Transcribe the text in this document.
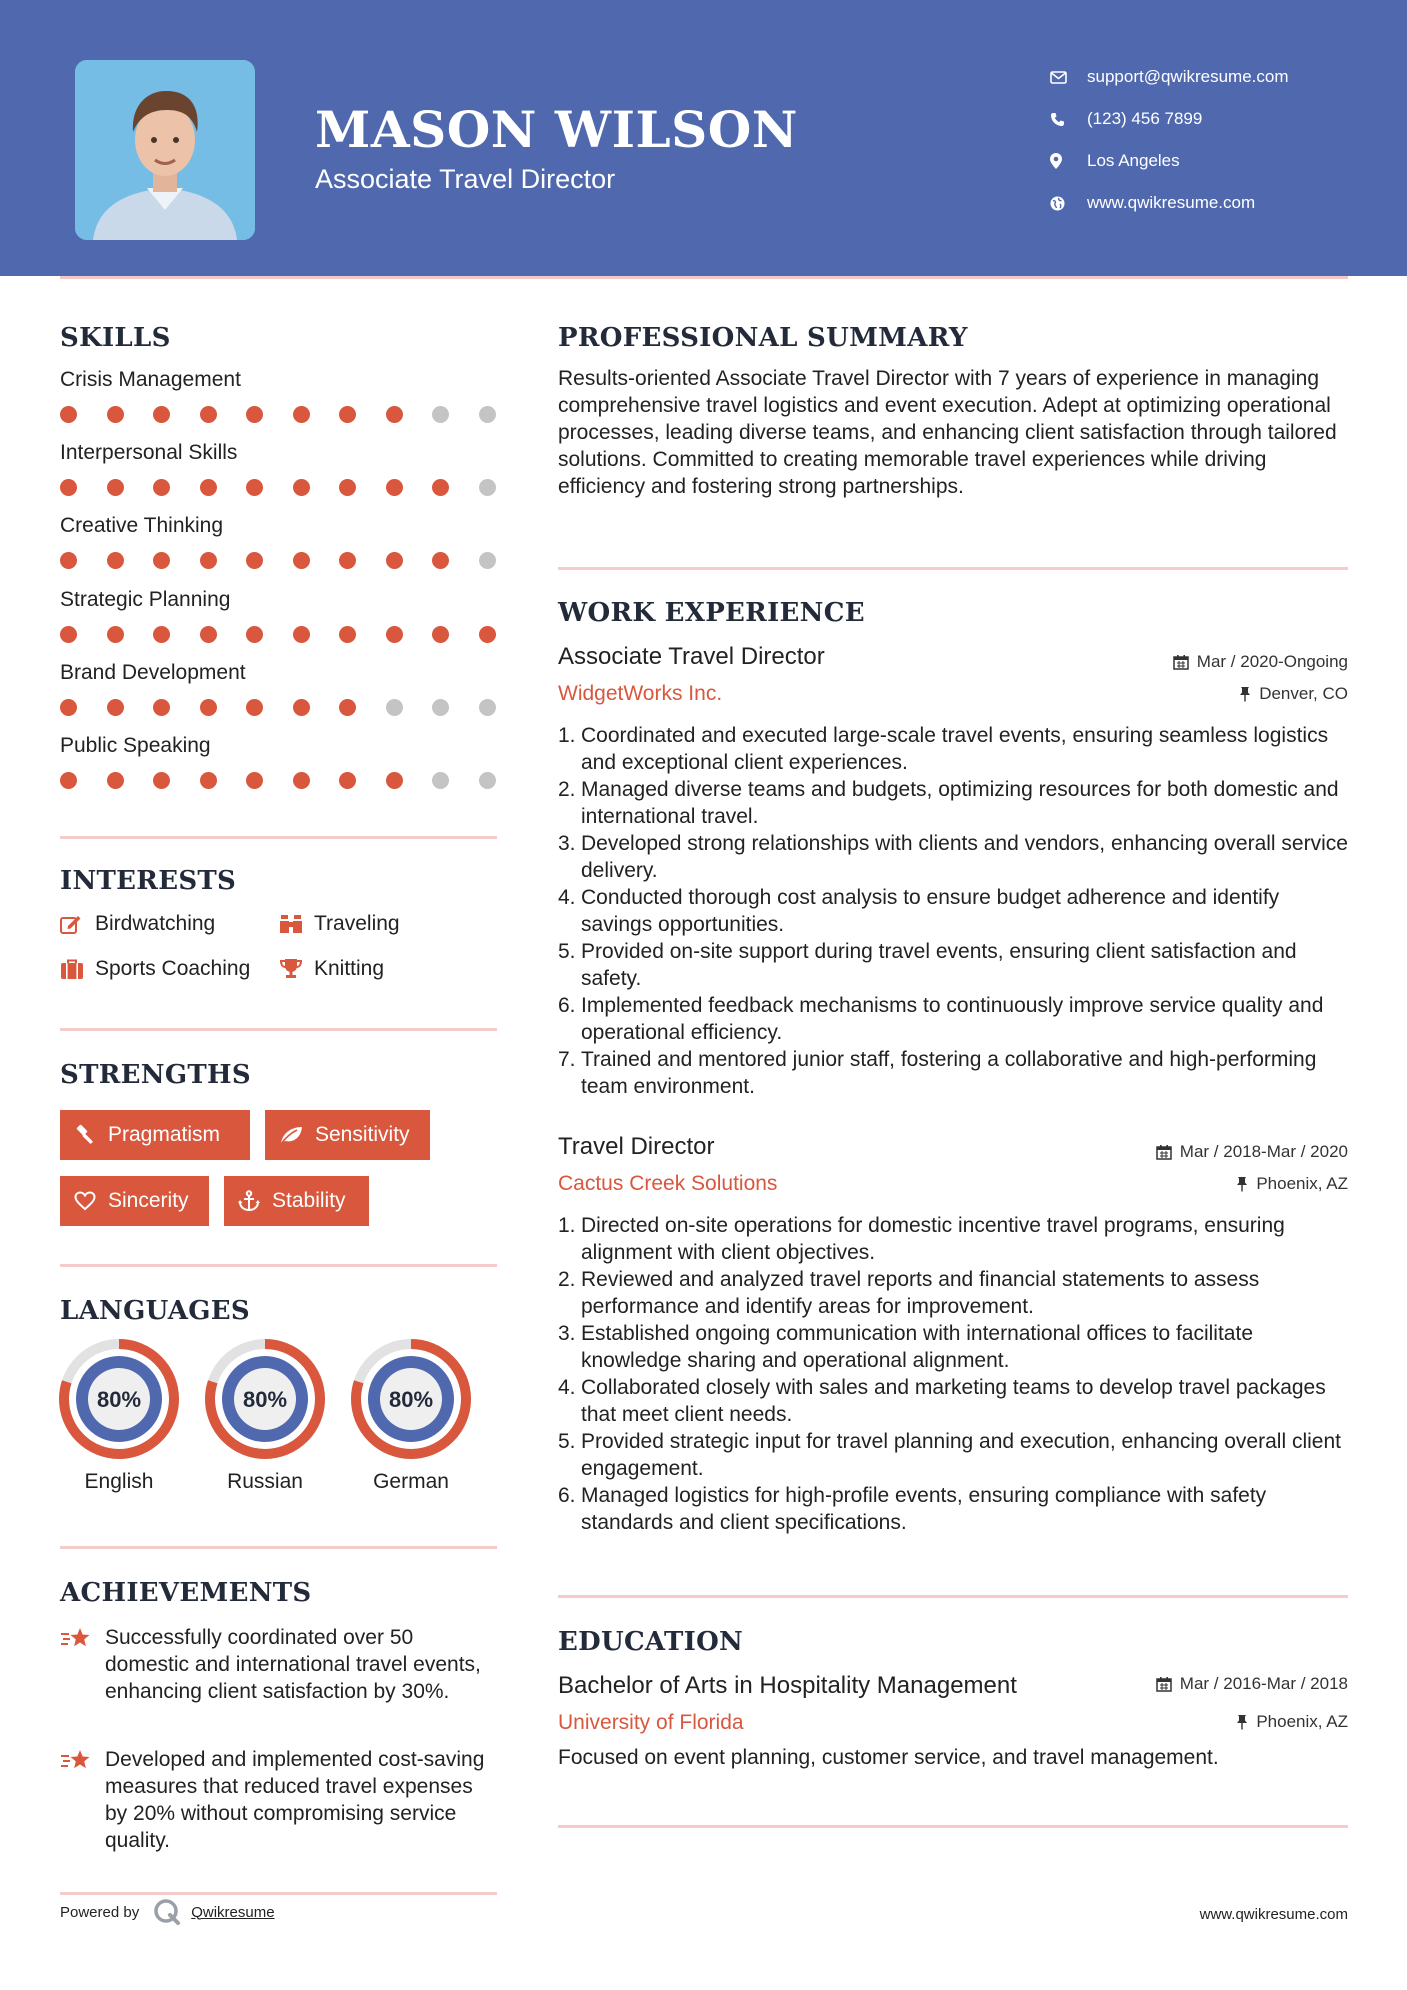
MASON WILSON
Associate Travel Director
support@qwikresume.com
(123) 456 7899
Los Angeles
www.qwikresume.com
SKILLS
Crisis Management
Interpersonal Skills
Creative Thinking
Strategic Planning
Brand Development
Public Speaking
INTERESTS
Birdwatching	Traveling
Sports Coaching	Knitting
STRENGTHS
Pragmatism	Sensitivity
Sincerity	Stability
LANGUAGES
80%
English
80%
Russian
80%
German
ACHIEVEMENTS
Successfully coordinated over 50 domestic and international travel events, enhancing client satisfaction by 30%.
Developed and implemented cost-saving measures that reduced travel expenses by 20% without compromising service quality.
PROFESSIONAL SUMMARY
Results-oriented Associate Travel Director with 7 years of experience in managing comprehensive travel logistics and event execution. Adept at optimizing operational processes, leading diverse teams, and enhancing client satisfaction through tailored solutions. Committed to creating memorable travel experiences while driving efficiency and fostering strong partnerships.
WORK EXPERIENCE
Associate Travel Director	Mar / 2020-Ongoing
WidgetWorks Inc.	Denver, CO
1. Coordinated and executed large-scale travel events, ensuring seamless logistics and exceptional client experiences.
2. Managed diverse teams and budgets, optimizing resources for both domestic and international travel.
3. Developed strong relationships with clients and vendors, enhancing overall service delivery.
4. Conducted thorough cost analysis to ensure budget adherence and identify savings opportunities.
5. Provided on-site support during travel events, ensuring client satisfaction and safety.
6. Implemented feedback mechanisms to continuously improve service quality and operational efficiency.
7. Trained and mentored junior staff, fostering a collaborative and high-performing team environment.
Travel Director	Mar / 2018-Mar / 2020
Cactus Creek Solutions	Phoenix, AZ
1. Directed on-site operations for domestic incentive travel programs, ensuring alignment with client objectives.
2. Reviewed and analyzed travel reports and financial statements to assess performance and identify areas for improvement.
3. Established ongoing communication with international offices to facilitate knowledge sharing and operational alignment.
4. Collaborated closely with sales and marketing teams to develop travel packages that meet client needs.
5. Provided strategic input for travel planning and execution, enhancing overall client engagement.
6. Managed logistics for high-profile events, ensuring compliance with safety standards and client specifications.
EDUCATION
Bachelor of Arts in Hospitality Management	Mar / 2016-Mar / 2018
University of Florida	Phoenix, AZ
Focused on event planning, customer service, and travel management.
Powered by	Qwikresume	www.qwikresume.com
